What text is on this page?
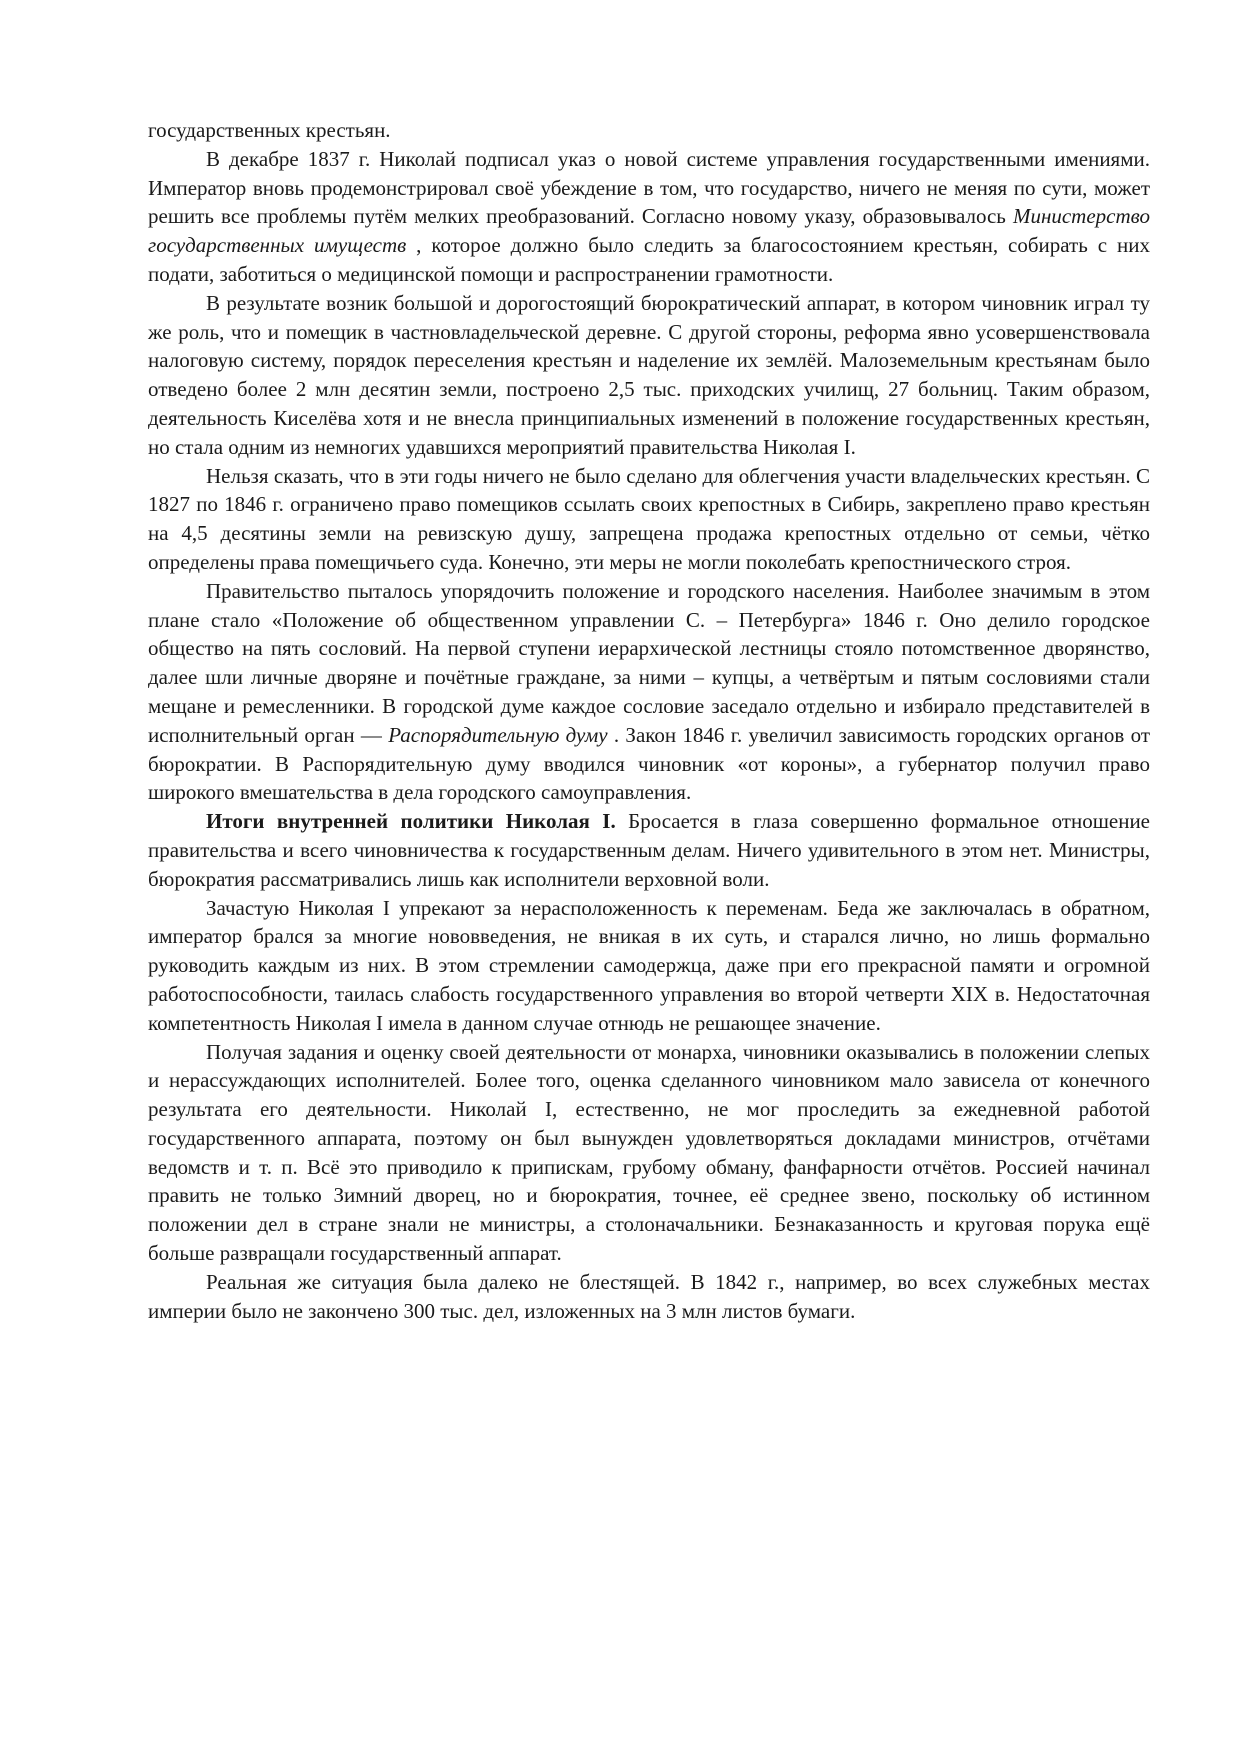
государственных крестьян.

В декабре 1837 г. Николай подписал указ о новой системе управления государственными имениями. Император вновь продемонстрировал своё убеждение в том, что государство, ничего не меняя по сути, может решить все проблемы путём мелких преобразований. Согласно новому указу, образовывалось Министерство государственных имуществ , которое должно было следить за благосостоянием крестьян, собирать с них подати, заботиться о медицинской помощи и распространении грамотности.

В результате возник большой и дорогостоящий бюрократический аппарат, в котором чиновник играл ту же роль, что и помещик в частновладельческой деревне. С другой стороны, реформа явно усовершенствовала налоговую систему, порядок переселения крестьян и наделение их землёй. Малоземельным крестьянам было отведено более 2 млн десятин земли, построено 2,5 тыс. приходских училищ, 27 больниц. Таким образом, деятельность Киселёва хотя и не внесла принципиальных изменений в положение государственных крестьян, но стала одним из немногих удавшихся мероприятий правительства Николая I.

Нельзя сказать, что в эти годы ничего не было сделано для облегчения участи владельческих крестьян. С 1827 по 1846 г. ограничено право помещиков ссылать своих крепостных в Сибирь, закреплено право крестьян на 4,5 десятины земли на ревизскую душу, запрещена продажа крепостных отдельно от семьи, чётко определены права помещичьего суда. Конечно, эти меры не могли поколебать крепостнического строя.

Правительство пыталось упорядочить положение и городского населения. Наиболее значимым в этом плане стало «Положение об общественном управлении С. – Петербурга» 1846 г. Оно делило городское общество на пять сословий. На первой ступени иерархической лестницы стояло потомственное дворянство, далее шли личные дворяне и почётные граждане, за ними – купцы, а четвёртым и пятым сословиями стали мещане и ремесленники. В городской думе каждое сословие заседало отдельно и избирало представителей в исполнительный орган — Распорядительную думу . Закон 1846 г. увеличил зависимость городских органов от бюрократии. В Распорядительную думу вводился чиновник «от короны», а губернатор получил право широкого вмешательства в дела городского самоуправления.

Итоги внутренней политики Николая I. Бросается в глаза совершенно формальное отношение правительства и всего чиновничества к государственным делам. Ничего удивительного в этом нет. Министры, бюрократия рассматривались лишь как исполнители верховной воли.

Зачастую Николая I упрекают за нерасположенность к переменам. Беда же заключалась в обратном, император брался за многие нововведения, не вникая в их суть, и старался лично, но лишь формально руководить каждым из них. В этом стремлении самодержца, даже при его прекрасной памяти и огромной работоспособности, таилась слабость государственного управления во второй четверти XIX в. Недостаточная компетентность Николая I имела в данном случае отнюдь не решающее значение.

Получая задания и оценку своей деятельности от монарха, чиновники оказывались в положении слепых и нерассуждающих исполнителей. Более того, оценка сделанного чиновником мало зависела от конечного результата его деятельности. Николай I, естественно, не мог проследить за ежедневной работой государственного аппарата, поэтому он был вынужден удовлетворяться докладами министров, отчётами ведомств и т. п. Всё это приводило к припискам, грубому обману, фанфарности отчётов. Россией начинал править не только Зимний дворец, но и бюрократия, точнее, её среднее звено, поскольку об истинном положении дел в стране знали не министры, а столоначальники. Безнаказанность и круговая порука ещё больше развращали государственный аппарат.

Реальная же ситуация была далеко не блестящей. В 1842 г., например, во всех служебных местах империи было не закончено 300 тыс. дел, изложенных на 3 млн листов бумаги.
